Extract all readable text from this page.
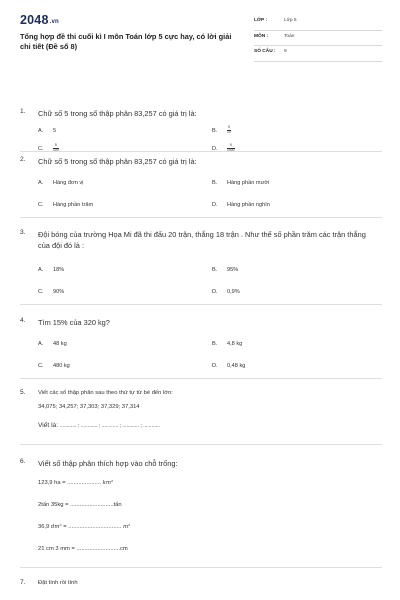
2048.vn
Tổng hợp đề thi cuối kì I môn Toán lớp 5 cực hay, có lời giải chi tiết (Đề số 8)
LỚP :	Lớp 5
MÔN :	Toán
SỐ CÂU : 9
1. Chữ số 5 trong số thập phân 83,257 có giá trị là:
A. 5	B.	$\frac{5}{10}$
C.	$\frac{5}{100}$	D.	$\frac{5}{1000}$
2. Chữ số 5 trong số thập phân 83,257 có giá trị là:
A. Hàng đơn vị	B. Hàng phần mười
C. Hàng phần trăm	D. Hàng phần nghìn
3. Đội bóng của trường Họa Mi đã thi đấu 20 trận, thắng 18 trận . Như thế số phần trăm các trận thắng của đội đó là :
A. 18%	B. 95%
C. 90%	D. 0,9%
4. Tìm 15% của 320 kg?
A. 48 kg	B. 4,8 kg
C. 480 kg	D. 0,48 kg
5. Viết các số thập phân sau theo thứ tự từ bé đến lớn:
34,075; 34,257; 37,303; 37,329; 37,314
Viết là: ............ ; ............ ; ............ ; ............ ; ............
6. Viết số thập phân thích hợp vào chỗ trống:
123,9 ha = ..................... km²
2tấn 35kg = ...........................tấn
36,9 dm² = ................................. m²
21 cm 3 mm = ...........................cm
7. Đặt tính rồi tính
